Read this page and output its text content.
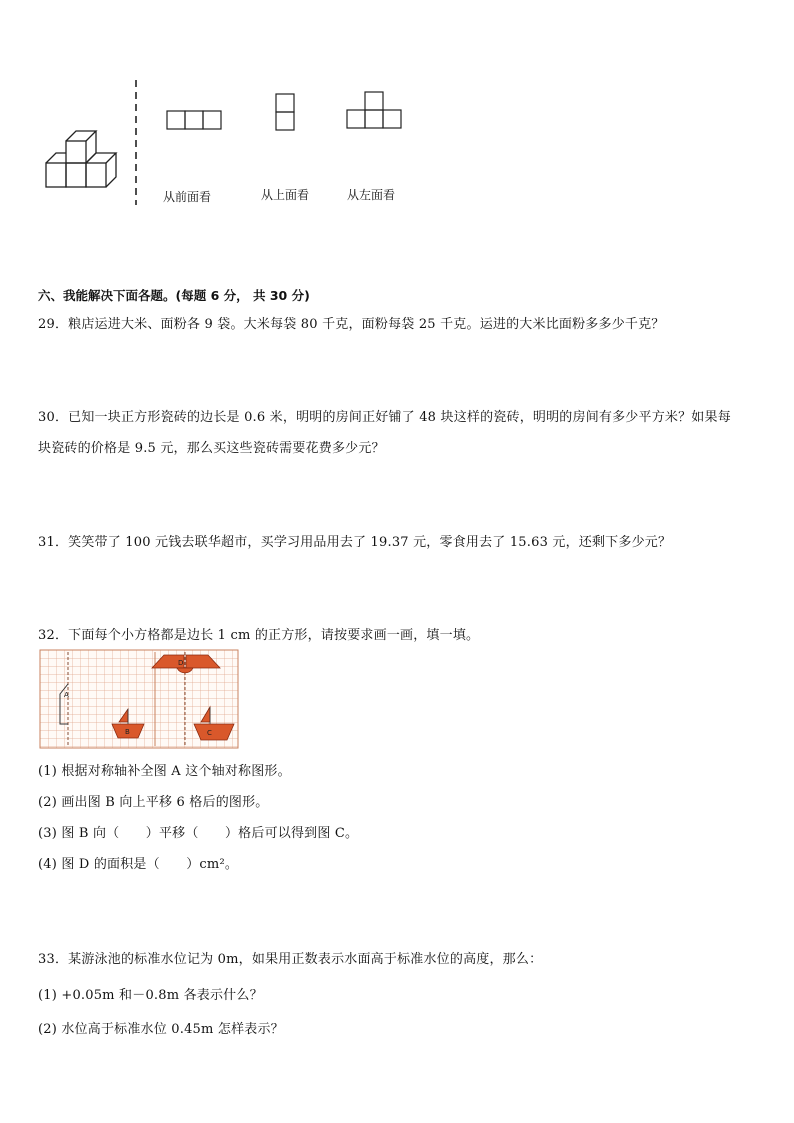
从前面看	从上面看	从左面看
六、我能解决下面各题。(每题 6 分， 共 30 分)
29．粮店运进大米、面粉各 9 袋。大米每袋 80 千克，面粉每袋 25 千克。运进的大米比面粉多多少千克？
30．已知一块正方形瓷砖的边长是 0.6 米，明明的房间正好铺了 48 块这样的瓷砖，明明的房间有多少平方米？如果每
块瓷砖的价格是 9.5 元，那么买这些瓷砖需要花费多少元？
31．笑笑带了 100 元钱去联华超市，买学习用品用去了 19.37 元，零食用去了 15.63 元，还剩下多少元？
32．下面每个小方格都是边长 1 cm 的正方形，请按要求画一画，填一填。
A
D
B	C
(1) 根据对称轴补全图 A 这个轴对称图形。
(2) 画出图 B 向上平移 6 格后的图形。
(3) 图 B 向（　　）平移（　　）格后可以得到图 C。
(4) 图 D 的面积是（　　）cm²。
33．某游泳池的标准水位记为 0m，如果用正数表示水面高于标准水位的高度，那么：
(1) +0.05m 和－0.8m 各表示什么？
(2) 水位高于标准水位 0.45m 怎样表示？
